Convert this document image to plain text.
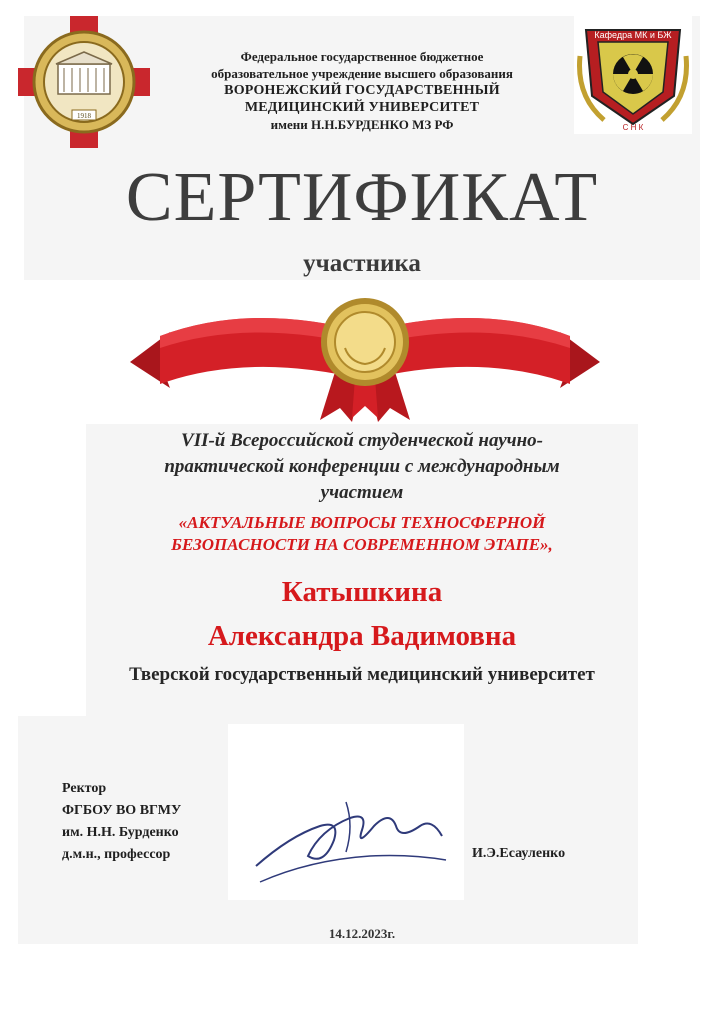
1918
Кафедра МК и БЖ
С Н К
Федеральное государственное бюджетное
образовательное учреждение высшего образования
ВОРОНЕЖСКИЙ ГОСУДАРСТВЕННЫЙ
МЕДИЦИНСКИЙ УНИВЕРСИТЕТ
имени Н.Н.БУРДЕНКО МЗ РФ
СЕРТИФИКАТ
участника
VII-й Всероссийской студенческой научно-
практической конференции с международным
участием
«АКТУАЛЬНЫЕ ВОПРОСЫ ТЕХНОСФЕРНОЙ
БЕЗОПАСНОСТИ НА СОВРЕМЕННОМ ЭТАПЕ»,
Катышкина
Александра Вадимовна
Тверской государственный медицинский университет
Ректор
ФГБОУ ВО ВГМУ
им. Н.Н. Бурденко
д.м.н., профессор	И.Э.Есауленко
14.12.2023г.
